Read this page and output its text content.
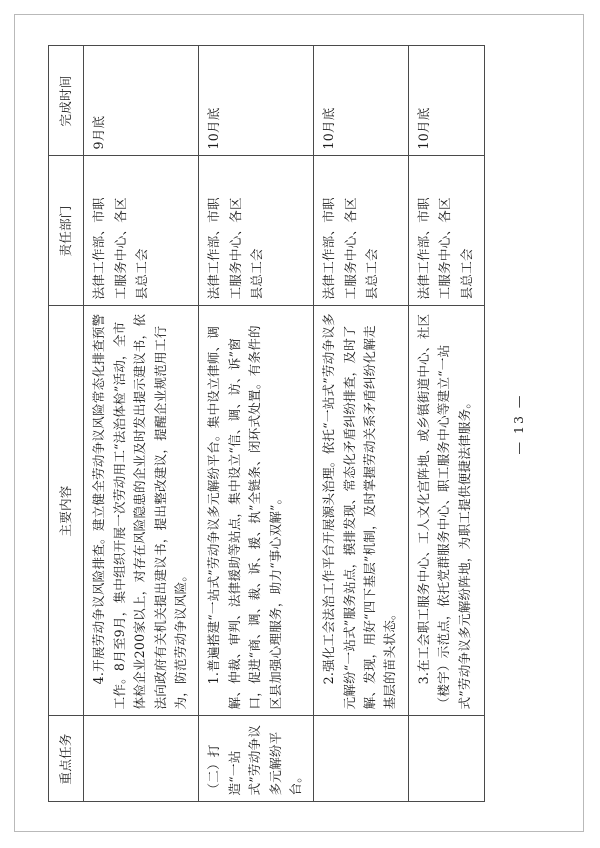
重点任务	主要内容	责任部门	完成时间

	4.开展劳动争议风险排查。建立健全劳动争议风险常态化排查预警工作。8月至9月，集中组织开展一次劳动用工“法治体检”活动，全市体检企业200家以上，对存在风险隐患的企业及时发出提示建议书，依法向政府有关机关提出建议书，提出整改建议，提醒企业规范用工行为，防范劳动争议风险。	法律工作部、市职 工服务中心、各区 县总工会	9月底
（二）打造“一站式”劳动争议多元解纷平台。	1.普遍搭建“一站式”劳动争议多元解纷平台。集中设立律师、调解、仲裁、审判、法律援助等站点，集中设立“信、调、访、诉”窗口，促进“商、调、裁、诉、援、执”全链条、闭环式处置。有条件的区县加强心理服务，助力“事心双解”。	法律工作部、市职 工服务中心、各区 县总工会	10月底

	2.强化工会法治工作平台开展源头治理。依托“一站式”劳动争议多元解纷“一站式”服务站点，摸排发现、常态化矛盾纠纷排查，及时了解、发现，用好“四下基层”机制，及时掌握劳动关系矛盾纠纷化解走基层的苗头状态。	法律工作部、市职 工服务中心、各区 县总工会	10月底

	3.在工会职工服务中心、工人文化宫阵地、或乡镇街道中心、社区（楼宇）示范点，依托党群服务中心、职工服务中心等建立“一站式”劳动争议多元解纷阵地，为职工提供便捷法律服务。	法律工作部、市职 工服务中心、各区 县总工会	10月底
— 13 —
